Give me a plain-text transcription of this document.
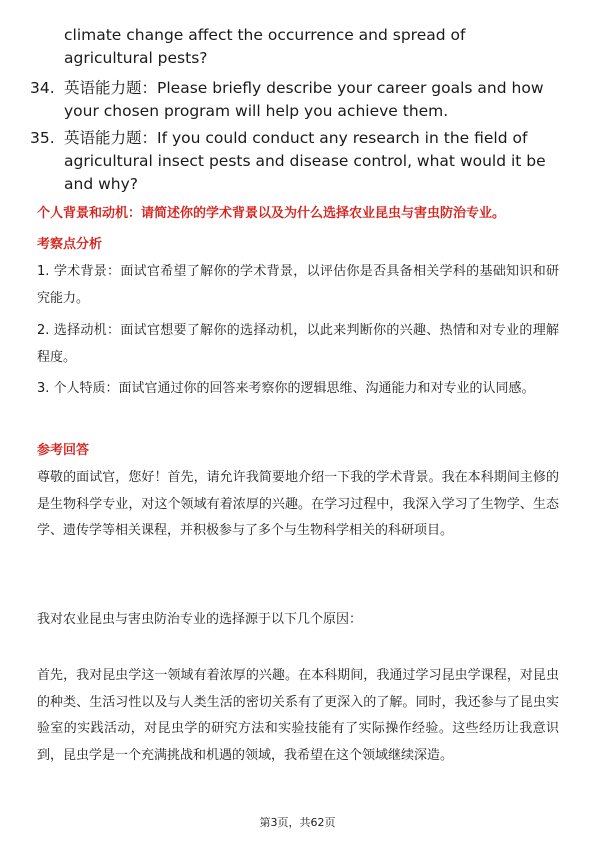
climate change affect the occurrence and spread of agricultural pests?
34. 英语能力题：Please briefly describe your career goals and how your chosen program will help you achieve them.
35. 英语能力题：If you could conduct any research in the field of agricultural insect pests and disease control, what would it be and why?
个人背景和动机：请简述你的学术背景以及为什么选择农业昆虫与害虫防治专业。
考察点分析
1. 学术背景：面试官希望了解你的学术背景，以评估你是否具备相关学科的基础知识和研究能力。
2. 选择动机：面试官想要了解你的选择动机，以此来判断你的兴趣、热情和对专业的理解程度。
3. 个人特质：面试官通过你的回答来考察你的逻辑思维、沟通能力和对专业的认同感。
参考回答
尊敬的面试官，您好！首先，请允许我简要地介绍一下我的学术背景。我在本科期间主修的是生物科学专业，对这个领域有着浓厚的兴趣。在学习过程中，我深入学习了生物学、生态学、遗传学等相关课程，并积极参与了多个与生物科学相关的科研项目。
我对农业昆虫与害虫防治专业的选择源于以下几个原因：
首先，我对昆虫学这一领域有着浓厚的兴趣。在本科期间，我通过学习昆虫学课程，对昆虫的种类、生活习性以及与人类生活的密切关系有了更深入的了解。同时，我还参与了昆虫实验室的实践活动，对昆虫学的研究方法和实验技能有了实际操作经验。这些经历让我意识到，昆虫学是一个充满挑战和机遇的领域，我希望在这个领域继续深造。
第3页，共62页
